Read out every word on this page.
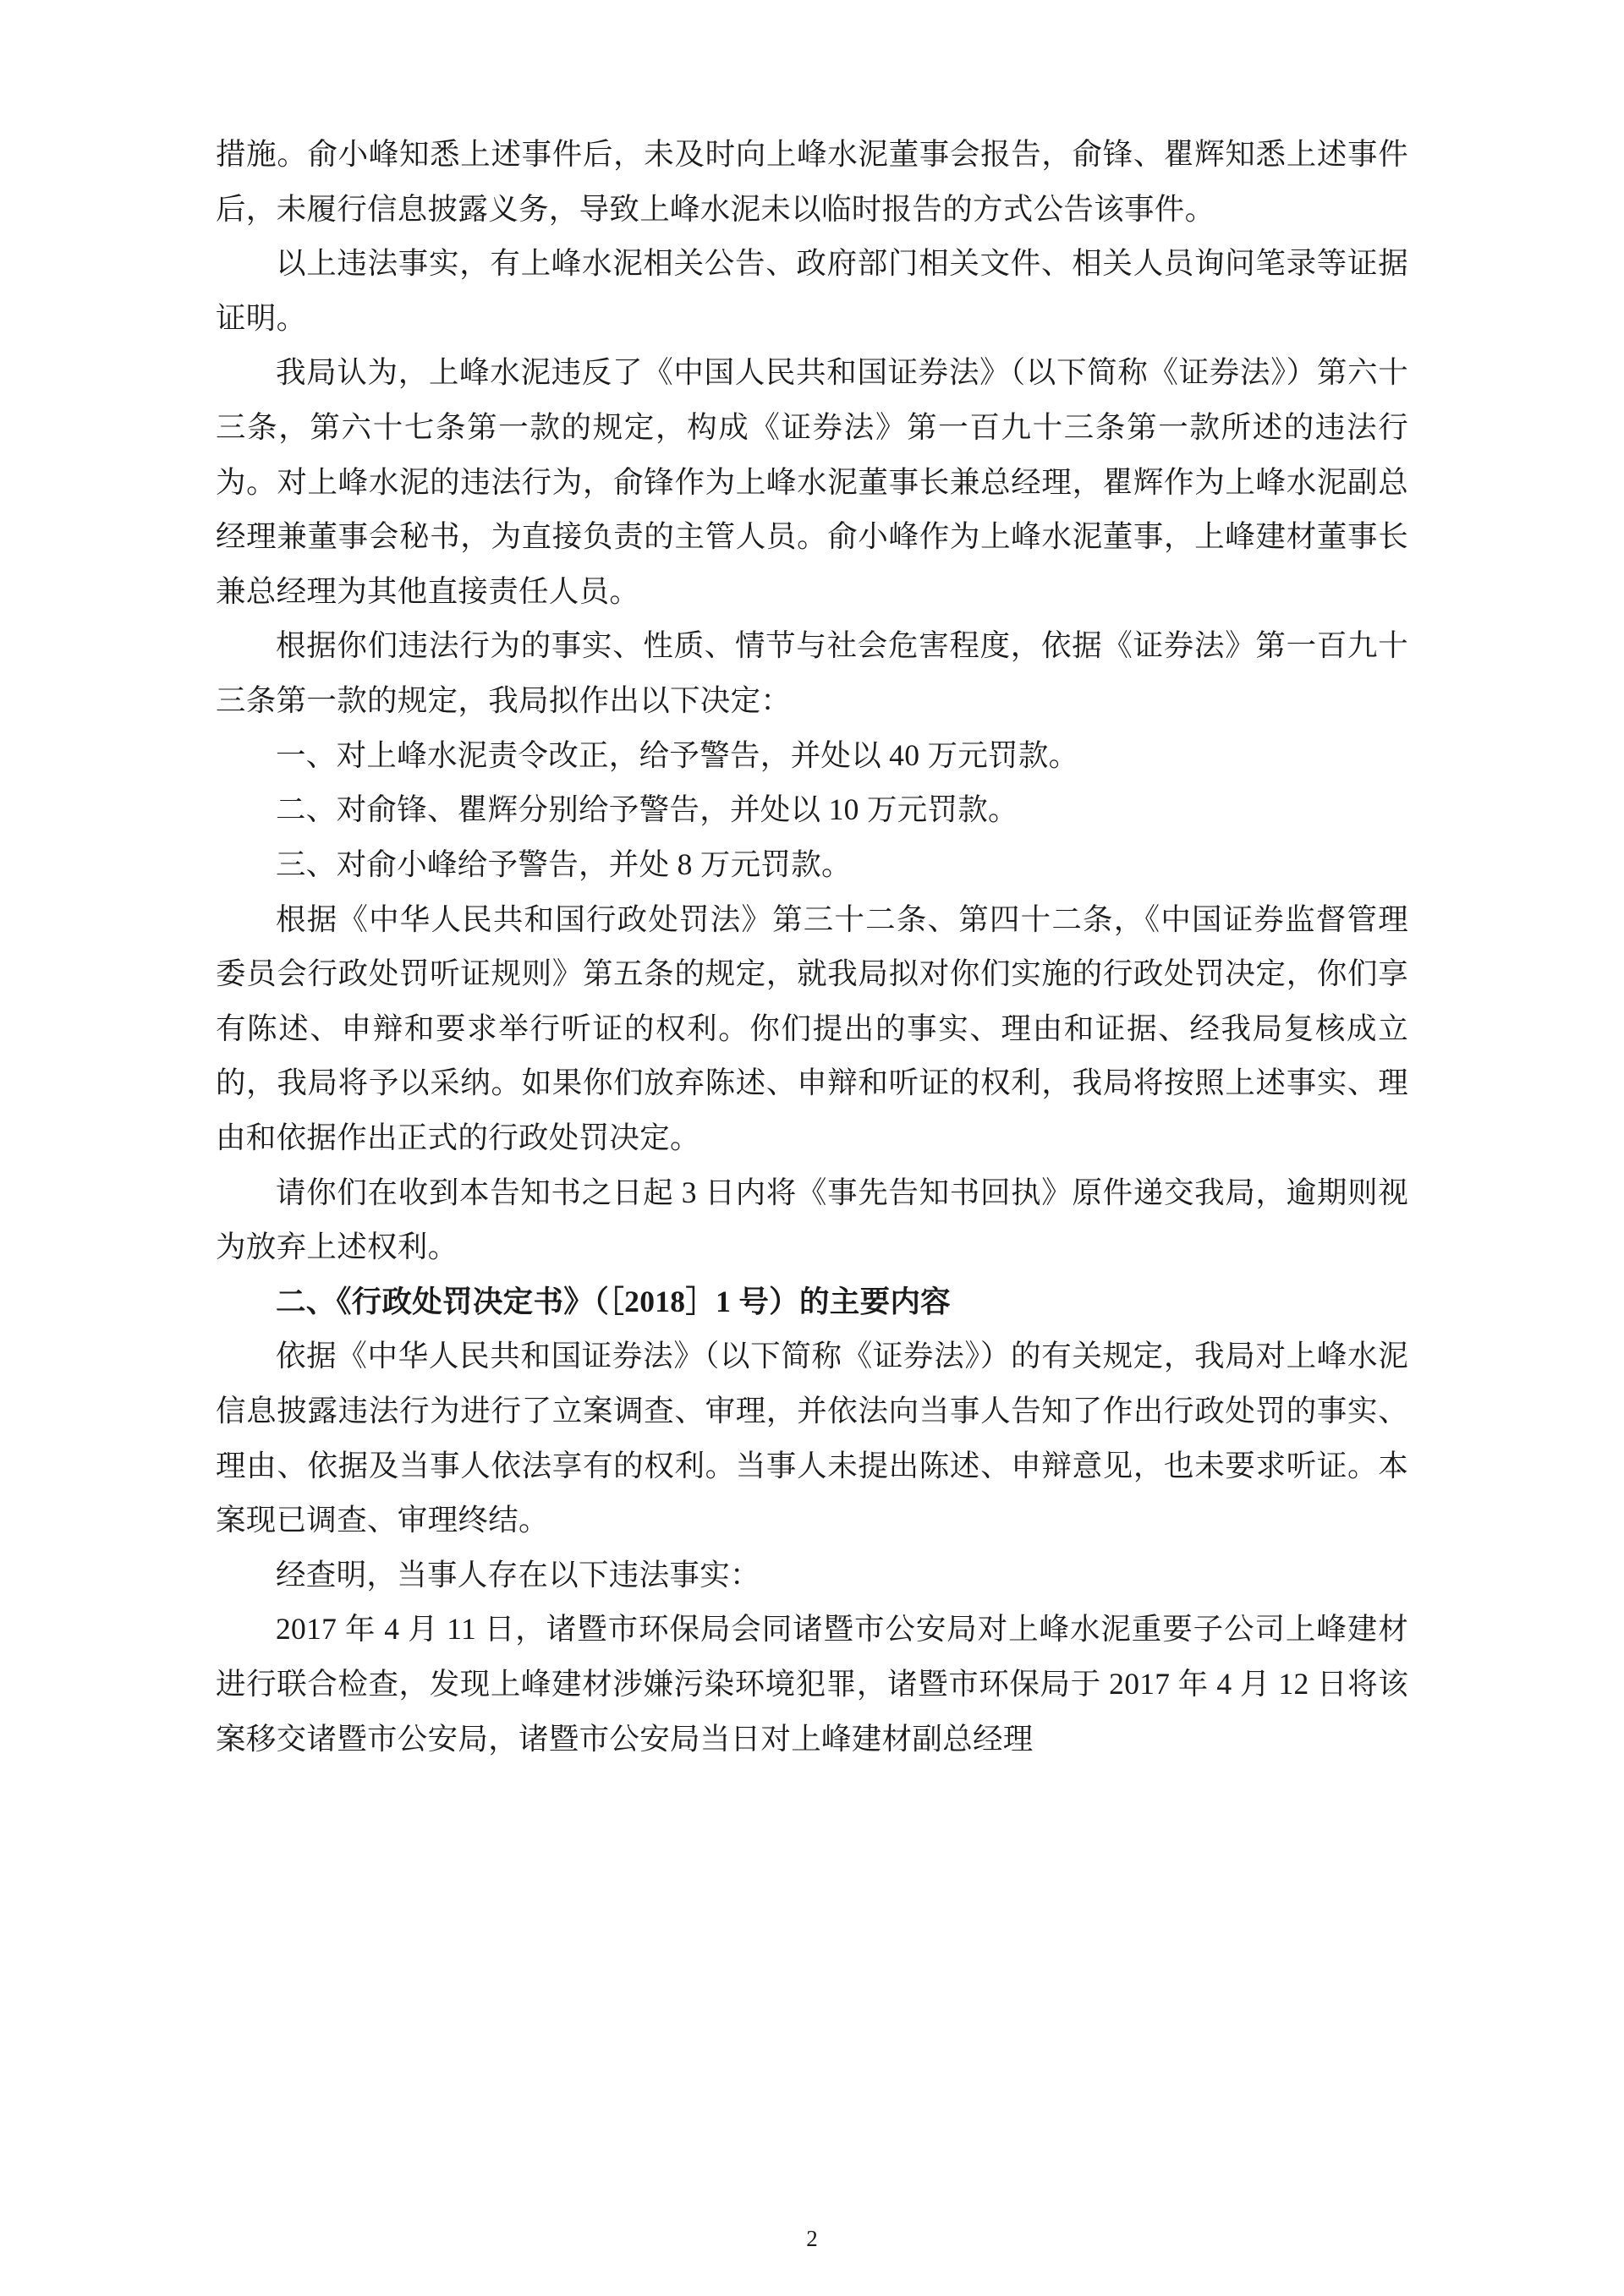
措施。俞小峰知悉上述事件后，未及时向上峰水泥董事会报告，俞锋、瞿辉知悉上述事件后，未履行信息披露义务，导致上峰水泥未以临时报告的方式公告该事件。

以上违法事实，有上峰水泥相关公告、政府部门相关文件、相关人员询问笔录等证据证明。

我局认为，上峰水泥违反了《中国人民共和国证券法》（以下简称《证券法》）第六十三条，第六十七条第一款的规定，构成《证券法》第一百九十三条第一款所述的违法行为。对上峰水泥的违法行为，俞锋作为上峰水泥董事长兼总经理，瞿辉作为上峰水泥副总经理兼董事会秘书，为直接负责的主管人员。俞小峰作为上峰水泥董事，上峰建材董事长兼总经理为其他直接责任人员。

根据你们违法行为的事实、性质、情节与社会危害程度，依据《证券法》第一百九十三条第一款的规定，我局拟作出以下决定：

一、对上峰水泥责令改正，给予警告，并处以 40 万元罚款。

二、对俞锋、瞿辉分别给予警告，并处以 10 万元罚款。

三、对俞小峰给予警告，并处 8 万元罚款。

根据《中华人民共和国行政处罚法》第三十二条、第四十二条，《中国证券监督管理委员会行政处罚听证规则》第五条的规定，就我局拟对你们实施的行政处罚决定，你们享有陈述、申辩和要求举行听证的权利。你们提出的事实、理由和证据、经我局复核成立的，我局将予以采纳。如果你们放弃陈述、申辩和听证的权利，我局将按照上述事实、理由和依据作出正式的行政处罚决定。

请你们在收到本告知书之日起 3 日内将《事先告知书回执》原件递交我局，逾期则视为放弃上述权利。

二、《行政处罚决定书》（［2018］1 号）的主要内容

依据《中华人民共和国证券法》（以下简称《证券法》）的有关规定，我局对上峰水泥信息披露违法行为进行了立案调查、审理，并依法向当事人告知了作出行政处罚的事实、理由、依据及当事人依法享有的权利。当事人未提出陈述、申辩意见，也未要求听证。本案现已调查、审理终结。

经查明，当事人存在以下违法事实：

2017 年 4 月 11 日，诸暨市环保局会同诸暨市公安局对上峰水泥重要子公司上峰建材进行联合检查，发现上峰建材涉嫌污染环境犯罪，诸暨市环保局于 2017 年 4 月 12 日将该案移交诸暨市公安局，诸暨市公安局当日对上峰建材副总经理

2
